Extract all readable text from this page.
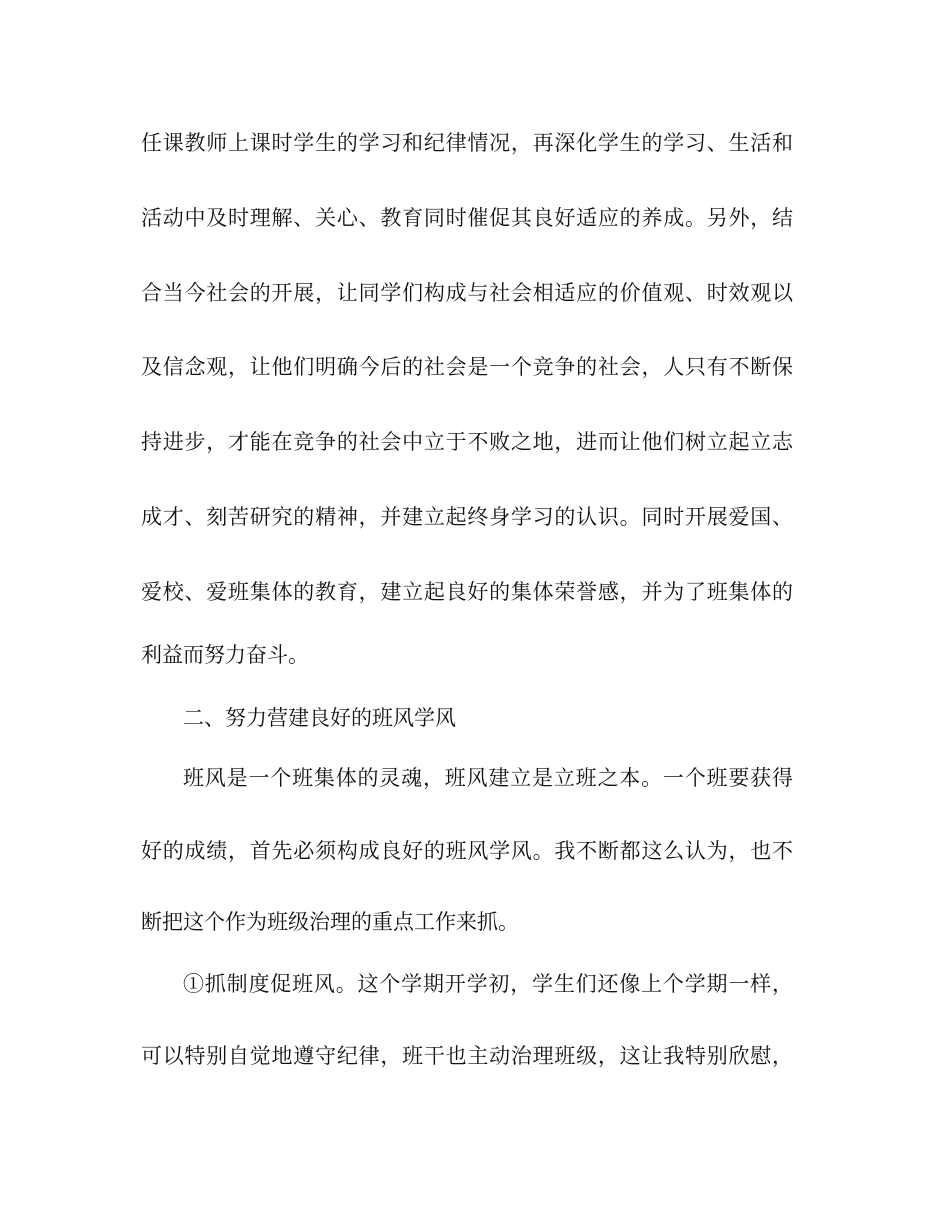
任课教师上课时学生的学习和纪律情况，再深化学生的学习、生活和
活动中及时理解、关心、教育同时催促其良好适应的养成。另外，结
合当今社会的开展，让同学们构成与社会相适应的价值观、时效观以
及信念观，让他们明确今后的社会是一个竞争的社会，人只有不断保
持进步，才能在竞争的社会中立于不败之地，进而让他们树立起立志
成才、刻苦研究的精神，并建立起终身学习的认识。同时开展爱国、
爱校、爱班集体的教育，建立起良好的集体荣誉感，并为了班集体的
利益而努力奋斗。
二、努力营建良好的班风学风
班风是一个班集体的灵魂，班风建立是立班之本。一个班要获得
好的成绩，首先必须构成良好的班风学风。我不断都这么认为，也不
断把这个作为班级治理的重点工作来抓。
①抓制度促班风。这个学期开学初，学生们还像上个学期一样，
可以特别自觉地遵守纪律，班干也主动治理班级，这让我特别欣慰，
